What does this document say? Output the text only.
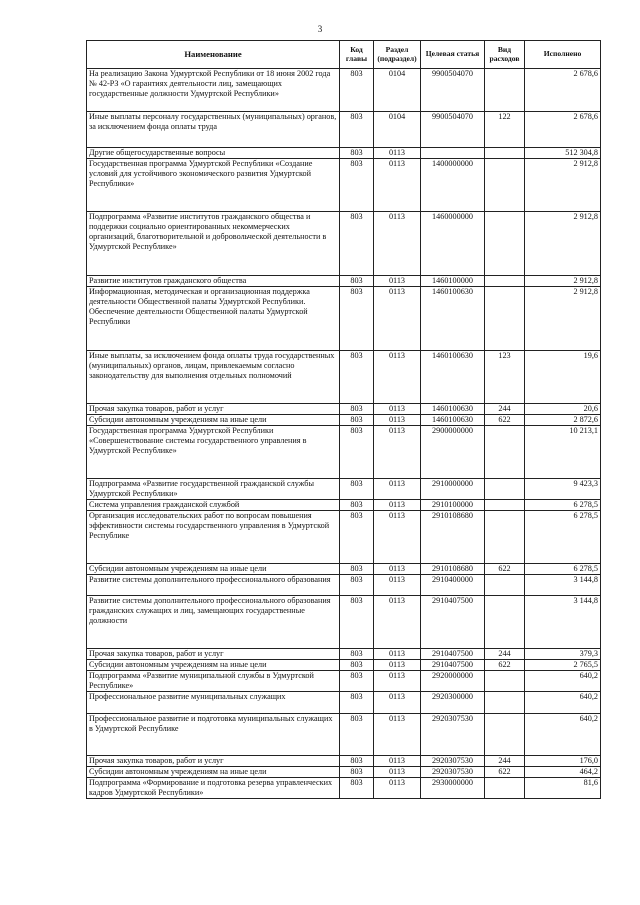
3
Наименование	Код главы	Раздел (подраздел)	Целевая статья	Вид расходов	Исполнено
На реализацию Закона Удмуртской Республики от 18 июня 2002 года № 42-РЗ «О гарантиях деятельности лиц, замещающих государственные должности Удмуртской Республики»	803	0104	9900504070		2 678,6
Иные выплаты персоналу государственных (муниципальных) органов, за исключением фонда оплаты труда	803	0104	9900504070	122	2 678,6
Другие общегосударственные вопросы	803	0113			512 304,8
Государственная программа Удмуртской Республики «Создание условий для устойчивого экономического развития Удмуртской Республики»	803	0113	1400000000		2 912,8
Подпрограмма «Развитие институтов гражданского общества и поддержки социально ориентированных некоммерческих организаций, благотворительной и добровольческой деятельности в Удмуртской Республике»	803	0113	1460000000		2 912,8
Развитие институтов гражданского общества	803	0113	1460100000		2 912,8
Информационная, методическая и организационная поддержка деятельности Общественной палаты Удмуртской Республики. Обеспечение деятельности Общественной палаты Удмуртской Республики	803	0113	1460100630		2 912,8
Иные выплаты, за исключением фонда оплаты труда государственных (муниципальных) органов, лицам, привлекаемым согласно законодательству для выполнения отдельных полномочий	803	0113	1460100630	123	19,6
Прочая закупка товаров, работ и услуг	803	0113	1460100630	244	20,6
Субсидии автономным учреждениям на иные цели	803	0113	1460100630	622	2 872,6
Государственная программа Удмуртской Республики «Совершенствование системы государственного управления в Удмуртской Республике»	803	0113	2900000000		10 213,1
Подпрограмма «Развитие государственной гражданской службы Удмуртской Республики»	803	0113	2910000000		9 423,3
Система управления гражданской службой	803	0113	2910100000		6 278,5
Организация исследовательских работ по вопросам повышения эффективности системы государственного управления в Удмуртской Республике	803	0113	2910108680		6 278,5
Субсидии автономным учреждениям на иные цели	803	0113	2910108680	622	6 278,5
Развитие системы дополнительного профессионального образования	803	0113	2910400000		3 144,8
Развитие системы дополнительного профессионального образования гражданских служащих и лиц, замещающих государственные должности	803	0113	2910407500		3 144,8
Прочая закупка товаров, работ и услуг	803	0113	2910407500	244	379,3
Субсидии автономным учреждениям на иные цели	803	0113	2910407500	622	2 765,5
Подпрограмма «Развитие муниципальной службы в Удмуртской Республике»	803	0113	2920000000		640,2
Профессиональное развитие муниципальных служащих	803	0113	2920300000		640,2
Профессиональное развитие и подготовка муниципальных служащих в Удмуртской Республике	803	0113	2920307530		640,2
Прочая закупка товаров, работ и услуг	803	0113	2920307530	244	176,0
Субсидии автономным учреждениям на иные цели	803	0113	2920307530	622	464,2
Подпрограмма «Формирование и подготовка резерва управленческих кадров Удмуртской Республики»	803	0113	2930000000		81,6
